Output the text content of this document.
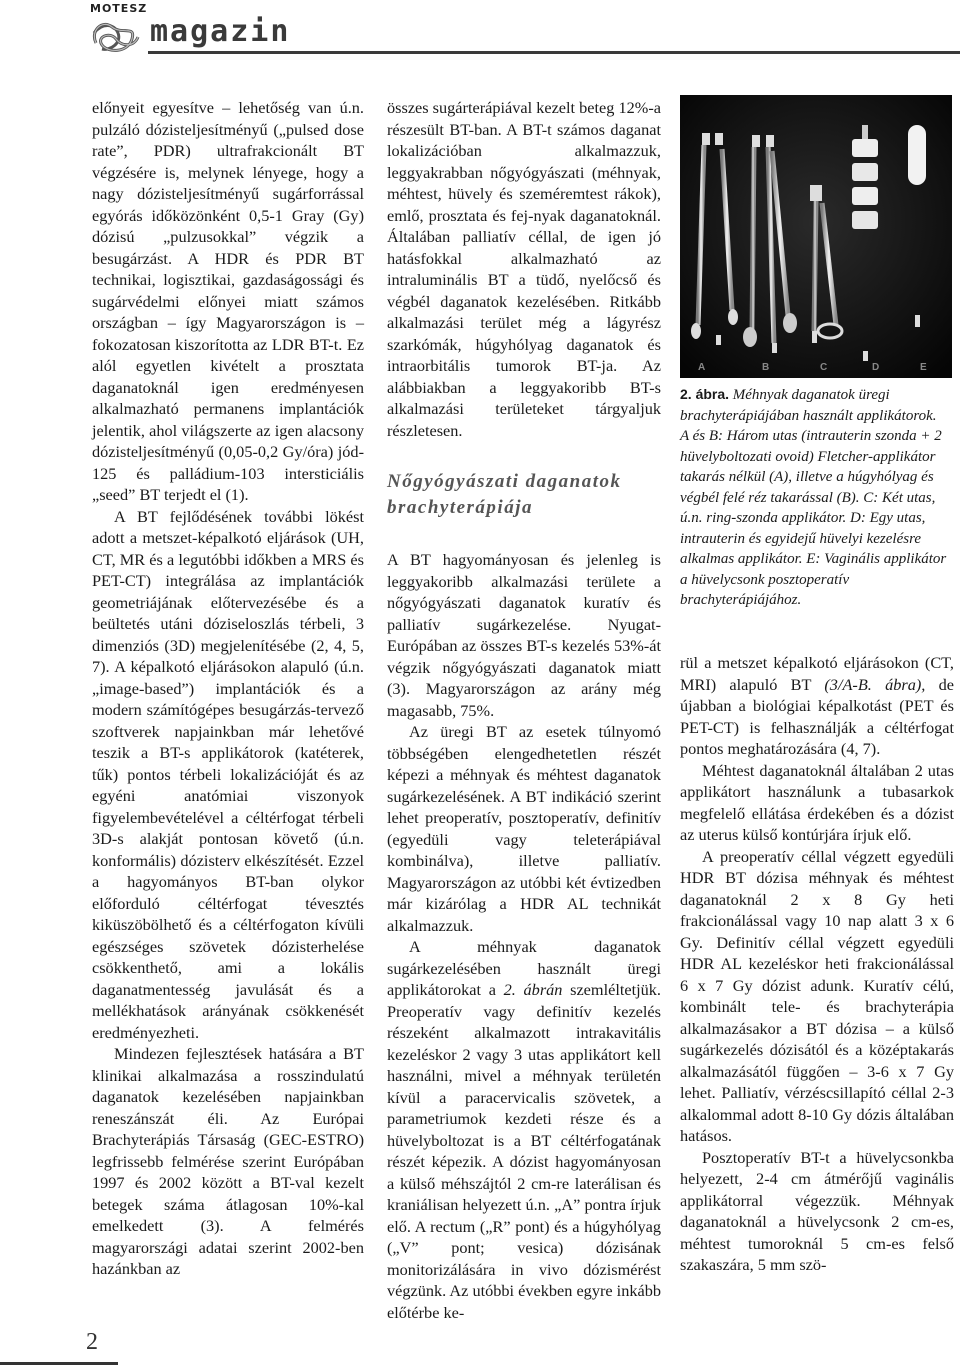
MOTESZ
magazin

előnyeit egyesítve – lehetőség van ú.n. pulzáló dózisteljesítményű („pulsed dose rate”, PDR) ultrafrakcionált BT végzésére is, melynek lényege, hogy a nagy dózisteljesítményű sugárforrással egyórás időközönként 0,5-1 Gray (Gy) dózisú „pulzusokkal” végzik a besugárzást. A HDR és PDR BT technikai, logisztikai, gazdaságossági és sugárvédelmi előnyei miatt számos országban – így Magyarországon is – fokozatosan kiszorította az LDR BT-t. Ez alól egyetlen kivételt a prosztata daganatoknál igen eredményesen alkalmazható permanens implantációk jelentik, ahol világszerte az igen alacsony dózisteljesítményű (0,05-0,2 Gy/óra) jód-125 és palládium-103 intersticiális „seed” BT terjedt el (1).

A BT fejlődésének további lökést adott a metszet-képalkotó eljárások (UH, CT, MR és a legutóbbi időkben a MRS és PET-CT) integrálása az implantációk geometriájának előtervezésébe és a beültetés utáni dóziseloszlás térbeli, 3 dimenziós (3D) megjelenítésébe (2, 4, 5, 7). A képalkotó eljárásokon alapuló (ú.n. „image-based”) implantációk és a modern számítógépes besugárzás-tervező szoftverek napjainkban már lehetővé teszik a BT-s applikátorok (katéterek, tűk) pontos térbeli lokalizációját és az egyéni anatómiai viszonyok figyelembevételével a céltérfogat térbeli 3D-s alakját pontosan követő (ú.n. konformális) dózisterv elkészítését. Ezzel a hagyományos BT-ban olykor előforduló céltérfogat tévesztés kiküszöbölhető és a céltérfogaton kívüli egészséges szövetek dózisterhelése csökkenthető, ami a lokális daganatmentesség javulását és a mellékhatások arányának csökkenését eredményezheti.

Mindezen fejlesztések hatására a BT klinikai alkalmazása a rosszindulatú daganatok kezelésében napjainkban reneszánszát éli. Az Európai Brachyterápiás Társaság (GEC-ESTRO) legfrissebb felmérése szerint Európában 1997 és 2002 között a BT-val kezelt betegek száma átlagosan 10%-kal emelkedett (3). A felmérés magyarországi adatai szerint 2002-ben hazánkban az

összes sugárterápiával kezelt beteg 12%-a részesült BT-ban. A BT-t számos daganat lokalizációban alkalmazzuk, leggyakrabban nőgyógyászati (méhnyak, méhtest, hüvely és szeméremtest rákok), emlő, prosztata és fej-nyak daganatoknál. Általában palliatív céllal, de igen jó hatásfokkal alkalmazható az intraluminális BT a tüdő, nyelőcső és végbél daganatok kezelésében. Ritkább alkalmazási terület még a lágyrész szarkómák, húgyhólyag daganatok és intraorbitális tumorok BT-ja. Az alábbiakban a leggyakoribb BT-s alkalmazási területeket tárgyaljuk részletesen.

Nőgyógyászati daganatok brachyterápiája

A BT hagyományosan és jelenleg is leggyakoribb alkalmazási területe a nőgyógyászati daganatok kuratív és palliatív sugárkezelése. Nyugat-Európában az összes BT-s kezelés 53%-át végzik nőgyógyászati daganatok miatt (3). Magyarországon az arány még magasabb, 75%.

Az üregi BT az esetek túlnyomó többségében elengedhetetlen részét képezi a méhnyak és méhtest daganatok sugárkezelésének. A BT indikáció szerint lehet preoperatív, posztoperatív, definitív (egyedüli vagy teleterápiával kombinálva), illetve palliatív. Magyarországon az utóbbi két évtizedben már kizárólag a HDR AL technikát alkalmazzuk.

A méhnyak daganatok sugárkezelésében használt üregi applikátorokat a 2. ábrán szemléltetjük. Preoperatív vagy definitív kezelés részeként alkalmazott intrakavitális kezeléskor 2 vagy 3 utas applikátort kell használni, mivel a méhnyak területén kívül a paracervicalis szövetek, a parametriumok kezdeti része és a hüvelyboltozat is a BT céltérfogatának részét képezik. A dózist hagyományosan a külső méhszájtól 2 cm-re laterálisan és kraniálisan helyezett ú.n. „A” pontra írjuk elő. A rectum („R” pont) és a húgyhólyag („V” pont; vesica) dózisának monitorizálására in vivo dózismérést végzünk. Az utóbbi években egyre inkább előtérbe ke-

A	B	C	D	E
2. ábra. Méhnyak daganatok üregi brachyterápiájában használt applikátorok.
A és B: Három utas (intrauterin szonda + 2 hüvelyboltozati ovoid) Fletcher-applikátor takarás nélkül (A), illetve a húgyhólyag és végbél felé réz takarással (B). C: Két utas, ú.n. ring-szonda applikátor. D: Egy utas, intrauterin és egyidejű hüvelyi kezelésre alkalmas applikátor. E: Vaginális applikátor a hüvelycsonk posztoperatív brachyterápiájához.

rül a metszet képalkotó eljárásokon (CT, MRI) alapuló BT (3/A-B. ábra), de újabban a biológiai képalkotást (PET és PET-CT) is felhasználják a céltérfogat pontos meghatározására (4, 7).

Méhtest daganatoknál általában 2 utas applikátort használunk a tubasarkok megfelelő ellátása érdekében és a dózist az uterus külső kontúrjára írjuk elő.

A preoperatív céllal végzett egyedüli HDR BT dózisa méhnyak és méhtest daganatoknál 2 x 8 Gy heti frakcionálással vagy 10 nap alatt 3 x 6 Gy. Definitív céllal végzett egyedüli HDR AL kezeléskor heti frakcionálással 6 x 7 Gy dózist adunk. Kuratív célú, kombinált tele- és brachyterápia alkalmazásakor a BT dózisa – a külső sugárkezelés dózisától és a középtakarás alkalmazásától függően – 3-6 x 7 Gy lehet. Palliatív, vérzéscsillapító céllal 2-3 alkalommal adott 8-10 Gy dózis általában hatásos.

Posztoperatív BT-t a hüvelycsonkba helyezett, 2-4 cm átmérőjű vaginális applikátorral végezzük. Méhnyak daganatoknál a hüvelycsonk 2 cm-es, méhtest tumoroknál 5 cm-es felső szakaszára, 5 mm szö-

2
